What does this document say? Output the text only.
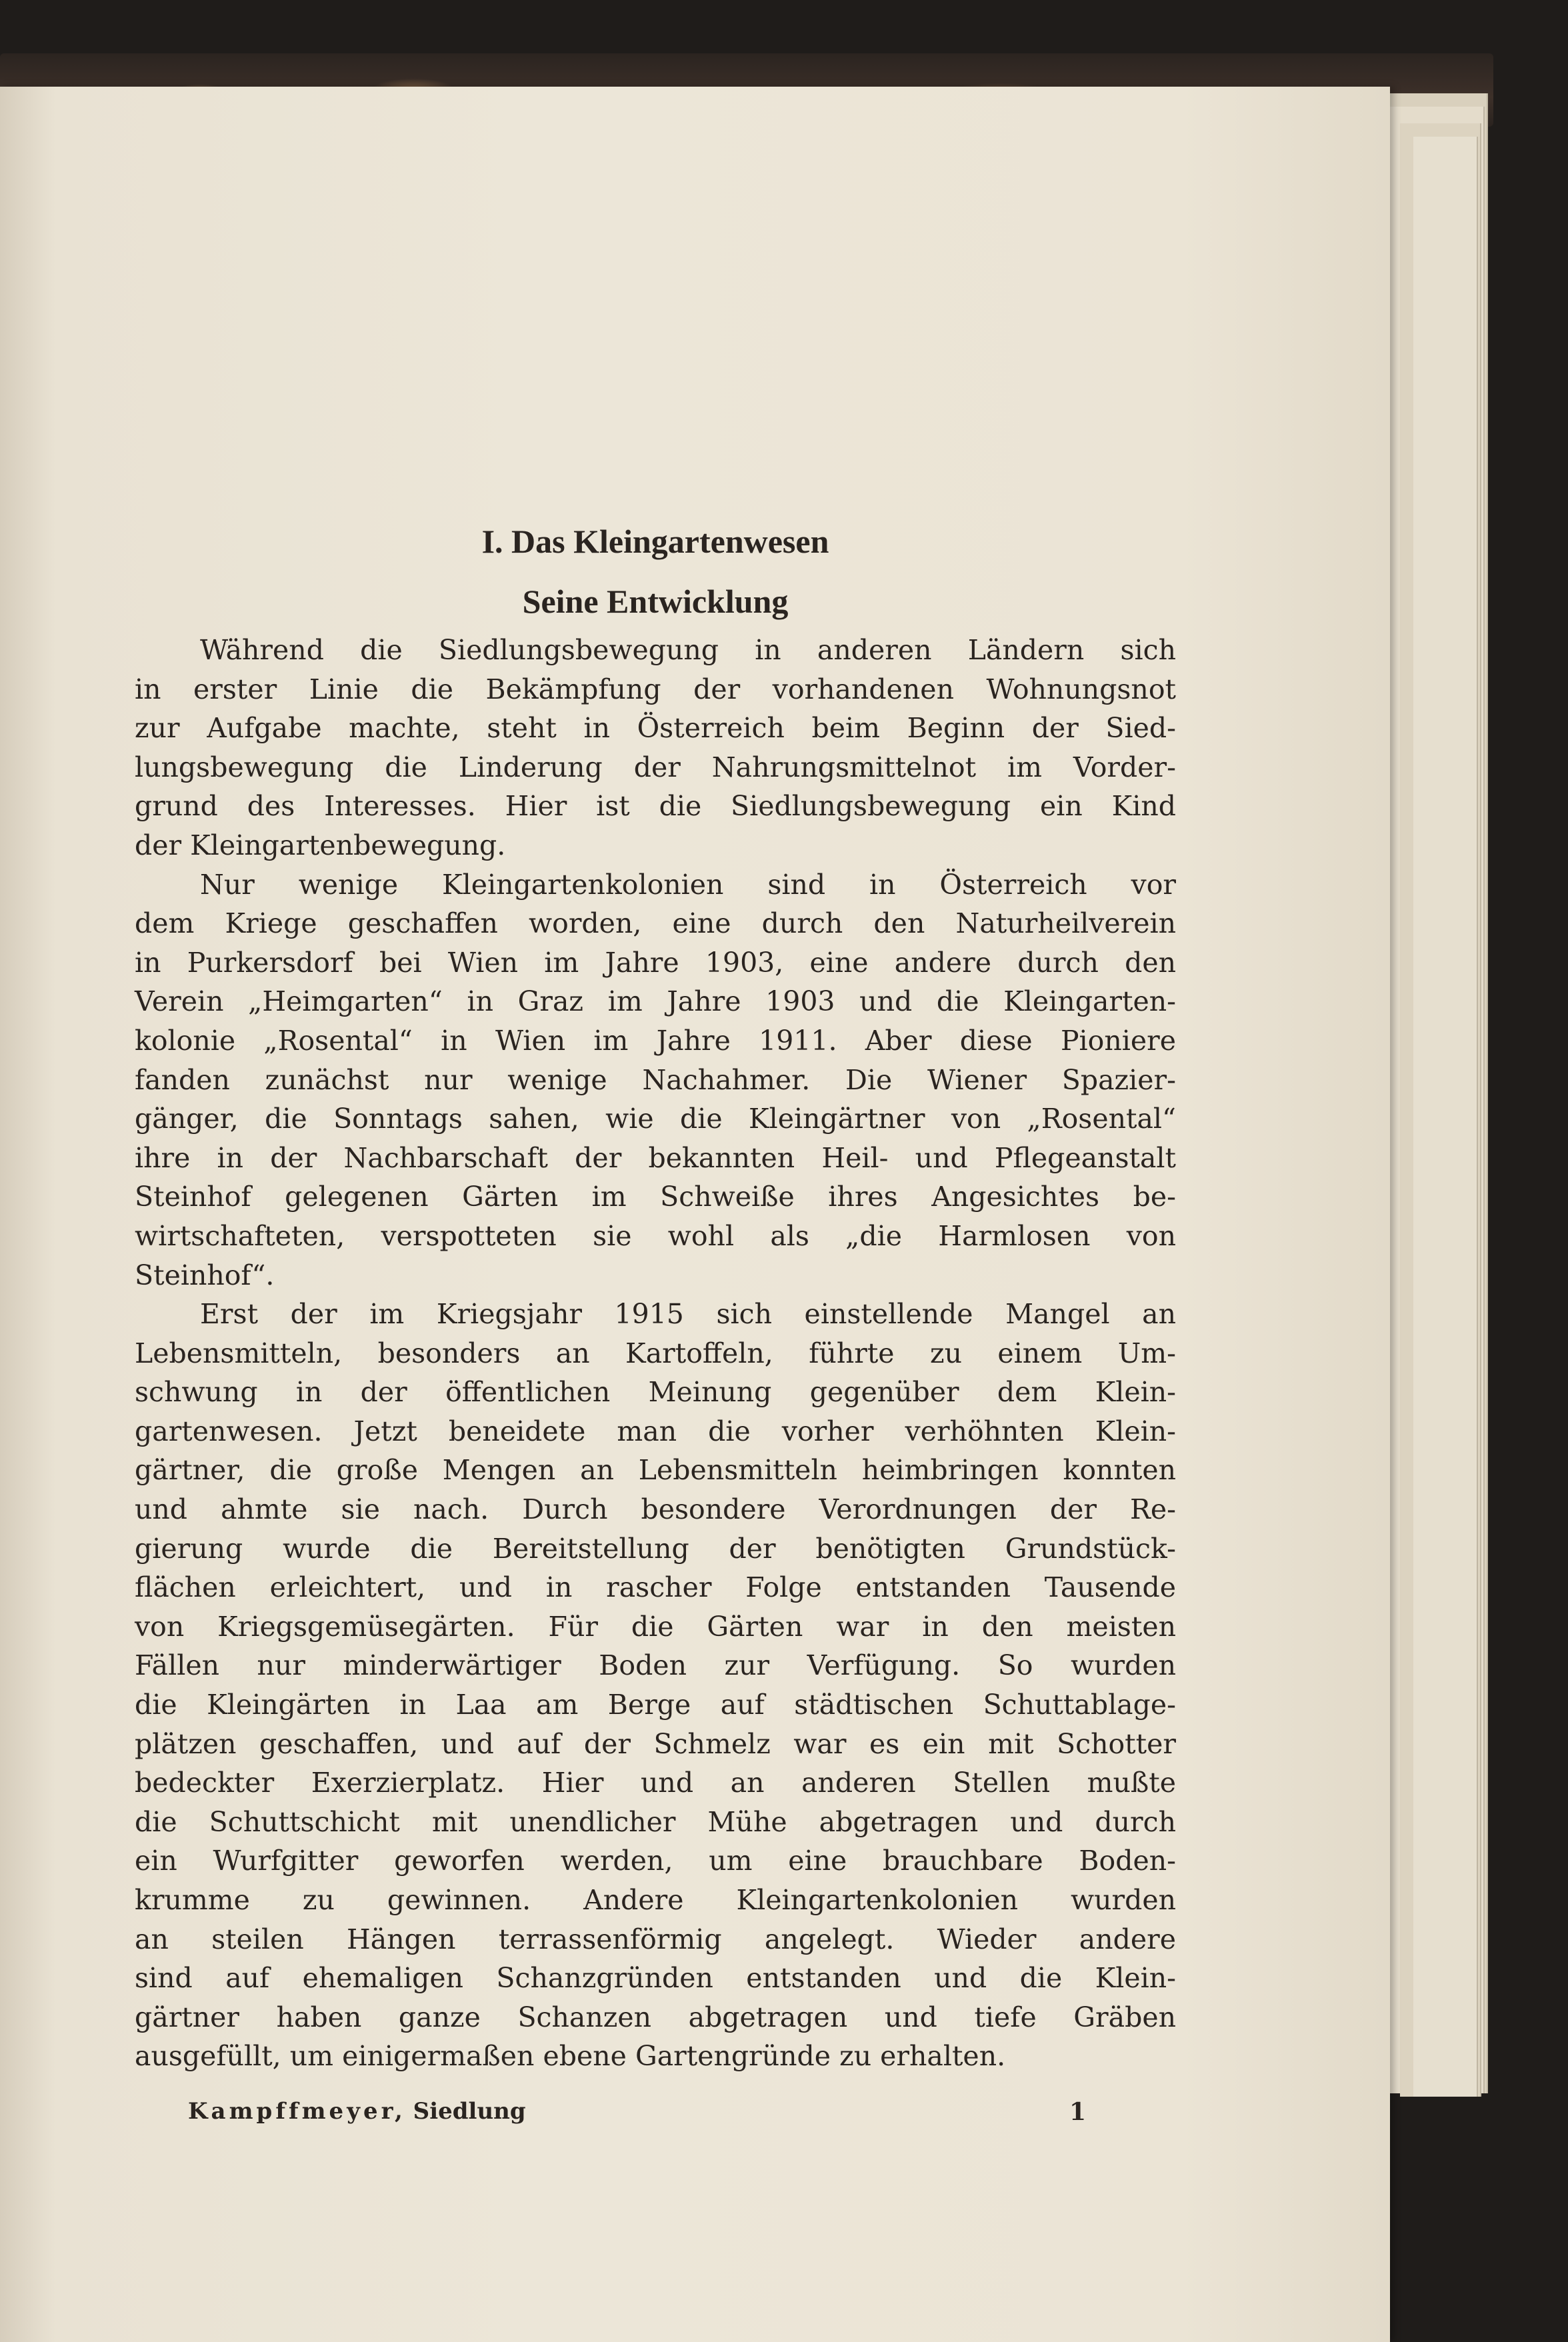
I. Das Kleingartenwesen
Seine Entwicklung
Während die Siedlungsbewegung in anderen Ländern sich
in erster Linie die Bekämpfung der vorhandenen Wohnungsnot
zur Aufgabe machte, steht in Österreich beim Beginn der Sied-
lungsbewegung die Linderung der Nahrungsmittelnot im Vorder-
grund des Interesses. Hier ist die Siedlungsbewegung ein Kind
der Kleingartenbewegung.
Nur wenige Kleingartenkolonien sind in Österreich vor
dem Kriege geschaffen worden, eine durch den Naturheilverein
in Purkersdorf bei Wien im Jahre 1903, eine andere durch den
Verein „Heimgarten“ in Graz im Jahre 1903 und die Kleingarten-
kolonie „Rosental“ in Wien im Jahre 1911. Aber diese Pioniere
fanden zunächst nur wenige Nachahmer. Die Wiener Spazier-
gänger, die Sonntags sahen, wie die Kleingärtner von „Rosental“
ihre in der Nachbarschaft der bekannten Heil- und Pflegeanstalt
Steinhof gelegenen Gärten im Schweiße ihres Angesichtes be-
wirtschafteten, verspotteten sie wohl als „die Harmlosen von
Steinhof“.
Erst der im Kriegsjahr 1915 sich einstellende Mangel an
Lebensmitteln, besonders an Kartoffeln, führte zu einem Um-
schwung in der öffentlichen Meinung gegenüber dem Klein-
gartenwesen. Jetzt beneidete man die vorher verhöhnten Klein-
gärtner, die große Mengen an Lebensmitteln heimbringen konnten
und ahmte sie nach. Durch besondere Verordnungen der Re-
gierung wurde die Bereitstellung der benötigten Grundstück-
flächen erleichtert, und in rascher Folge entstanden Tausende
von Kriegsgemüsegärten. Für die Gärten war in den meisten
Fällen nur minderwärtiger Boden zur Verfügung. So wurden
die Kleingärten in Laa am Berge auf städtischen Schuttablage-
plätzen geschaffen, und auf der Schmelz war es ein mit Schotter
bedeckter Exerzierplatz. Hier und an anderen Stellen mußte
die Schuttschicht mit unendlicher Mühe abgetragen und durch
ein Wurfgitter geworfen werden, um eine brauchbare Boden-
krumme zu gewinnen. Andere Kleingartenkolonien wurden
an steilen Hängen terrassenförmig angelegt. Wieder andere
sind auf ehemaligen Schanzgründen entstanden und die Klein-
gärtner haben ganze Schanzen abgetragen und tiefe Gräben
ausgefüllt, um einigermaßen ebene Gartengründe zu erhalten.
Kampffmeyer, Siedlung	1
